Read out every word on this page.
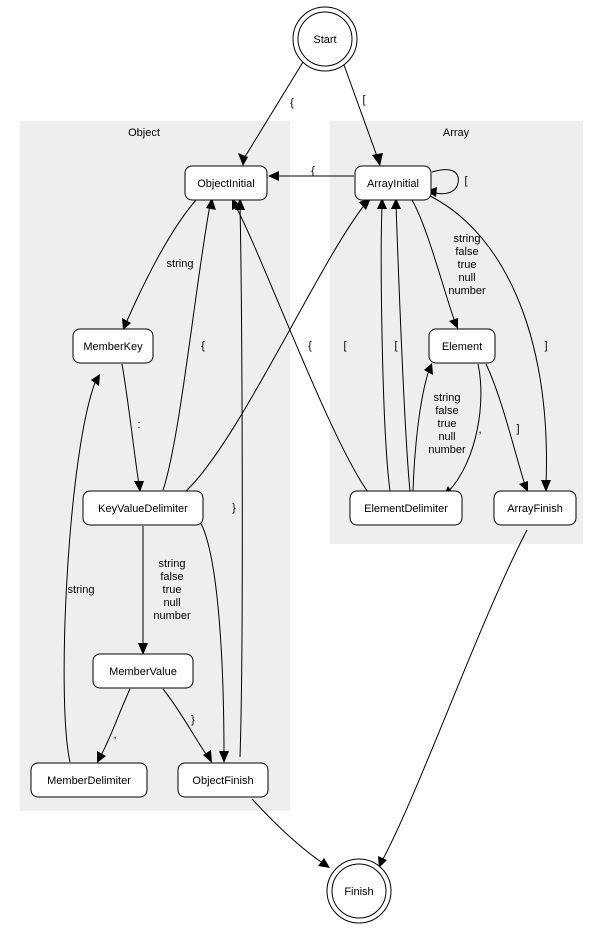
Object	Array
Start
Finish
ObjectInitial	ArrayInitial
MemberKey	Element
KeyValueDelimiter	ElementDelimiter	ArrayFinish
MemberValue
MemberDelimiter	ObjectFinish
{	[
{
[
string
string
false
true
null
number
{	{	[	[	]
:
string
false
true
null
number
,	]
}
string
false
true
null
number
string
,
}
